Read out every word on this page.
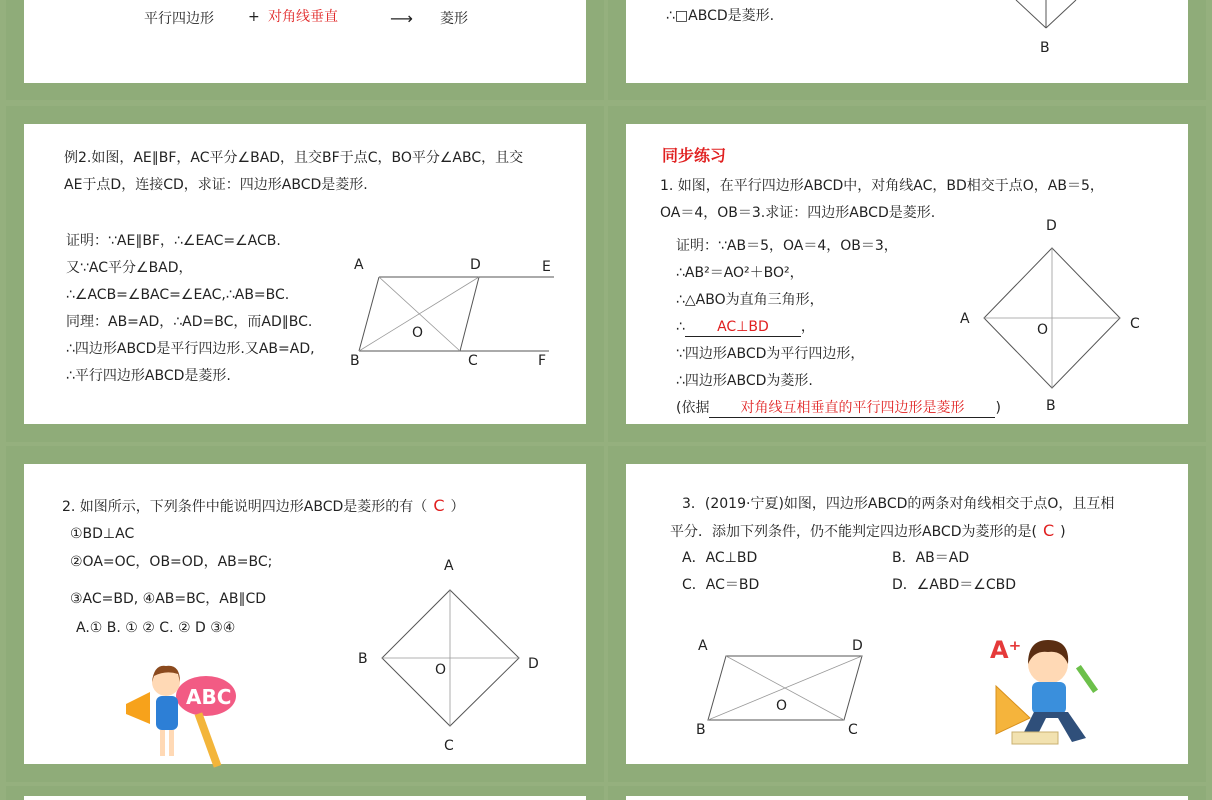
平行四边形 + 对角线垂直	⟶ 菱形	∴□ABCD是菱形.
B
例2.如图，AE∥BF，AC平分∠BAD，且交BF于点C，BO平分∠ABC，且交
AE于点D，连接CD，求证：四边形ABCD是菱形.
证明：∵AE∥BF，∴∠EAC=∠ACB.
又∵AC平分∠BAD，
∴∠ACB=∠BAC=∠EAC,∴AB=BC.
同理：AB=AD，∴AD=BC，而AD∥BC.
∴四边形ABCD是平行四边形.又AB=AD,
∴平行四边形ABCD是菱形.
A	D	E
O
B	C	F
同步练习
1. 如图，在平行四边形ABCD中，对角线AC，BD相交于点O，AB＝5，
OA＝4，OB＝3.求证：四边形ABCD是菱形.
证明：∵AB＝5，OA＝4，OB＝3，
∴AB²＝AO²＋BO²，
∴△ABO为直角三角形，
∴ AC⊥BD ，
∵四边形ABCD为平行四边形，
∴四边形ABCD为菱形.
(依据 对角线互相垂直的平行四边形是菱形 )
D
A
O	C
B
2. 如图所示，下列条件中能说明四边形ABCD是菱形的有（ C ）
①BD⊥AC
②OA=OC，OB=OD，AB=BC;
③AC=BD, ④AB=BC，AB∥CD
A.① B. ① ② C. ② D ③④
ABC
A
B
O	D
C
3．(2019·宁夏)如图，四边形ABCD的两条对角线相交于点O，且互相
平分．添加下列条件，仍不能判定四边形ABCD为菱形的是( C )
A．AC⊥BD	B．AB＝AD
C．AC＝BD	D．∠ABD＝∠CBD
A	D
O
B	C
A⁺
